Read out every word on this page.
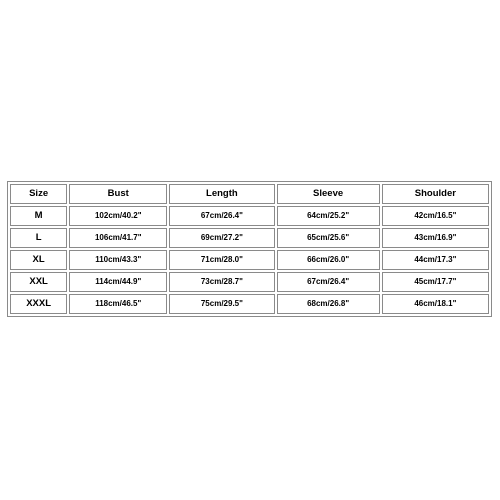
Size	Bust	Length	Sleeve	Shoulder
M	102cm/40.2"	67cm/26.4"	64cm/25.2"	42cm/16.5"
L	106cm/41.7"	69cm/27.2"	65cm/25.6"	43cm/16.9"
XL	110cm/43.3"	71cm/28.0"	66cm/26.0"	44cm/17.3"
XXL	114cm/44.9"	73cm/28.7"	67cm/26.4"	45cm/17.7"
XXXL	118cm/46.5"	75cm/29.5"	68cm/26.8"	46cm/18.1"
